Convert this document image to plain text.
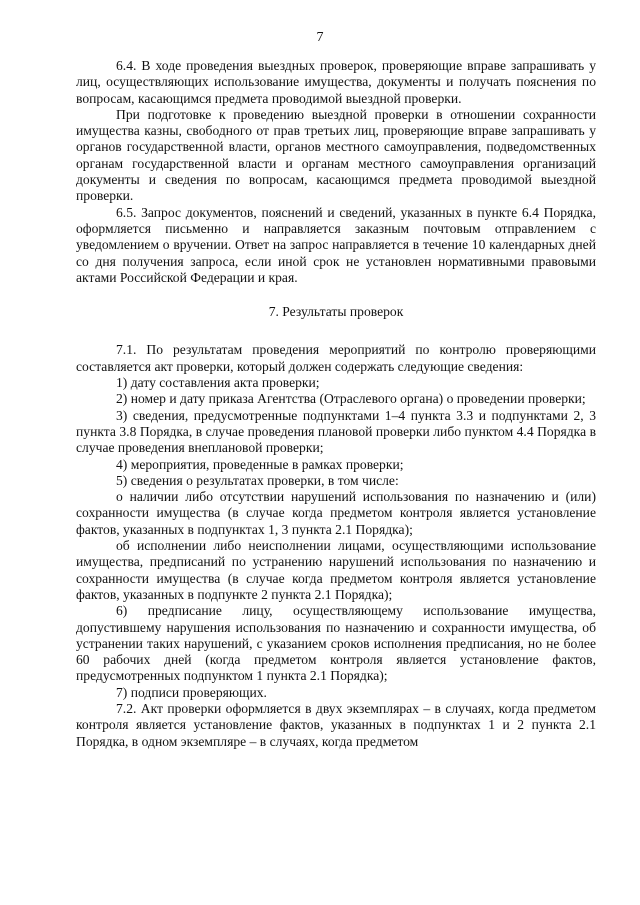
7

6.4. В ходе проведения выездных проверок, проверяющие вправе запрашивать у лиц, осуществляющих использование имущества, документы и получать пояснения по вопросам, касающимся предмета проводимой выездной проверки.

При подготовке к проведению выездной проверки в отношении сохранности имущества казны, свободного от прав третьих лиц, проверяющие вправе запрашивать у органов государственной власти, органов местного самоуправления, подведомственных органам государственной власти и органам местного самоуправления организаций документы и сведения по вопросам, касающимся предмета проводимой выездной проверки.

6.5. Запрос документов, пояснений и сведений, указанных в пункте 6.4 Порядка, оформляется письменно и направляется заказным почтовым отправлением с уведомлением о вручении. Ответ на запрос направляется в течение 10 календарных дней со дня получения запроса, если иной срок не установлен нормативными правовыми актами Российской Федерации и края.

7. Результаты проверок

7.1. По результатам проведения мероприятий по контролю проверяющими составляется акт проверки, который должен содержать следующие сведения:

1) дату составления акта проверки;

2) номер и дату приказа Агентства (Отраслевого органа) о проведении проверки;

3) сведения, предусмотренные подпунктами 1–4 пункта 3.3 и подпунктами 2, 3 пункта 3.8 Порядка, в случае проведения плановой проверки либо пунктом 4.4 Порядка в случае проведения внеплановой проверки;

4) мероприятия, проведенные в рамках проверки;

5) сведения о результатах проверки, в том числе:

о наличии либо отсутствии нарушений использования по назначению и (или) сохранности имущества (в случае когда предметом контроля является установление фактов, указанных в подпунктах 1, 3 пункта 2.1 Порядка);

об исполнении либо неисполнении лицами, осуществляющими использование имущества, предписаний по устранению нарушений использования по назначению и сохранности имущества (в случае когда предметом контроля является установление фактов, указанных в подпункте 2 пункта 2.1 Порядка);

6) предписание лицу, осуществляющему использование имущества, допустившему нарушения использования по назначению и сохранности имущества, об устранении таких нарушений, с указанием сроков исполнения предписания, но не более 60 рабочих дней (когда предметом контроля является установление фактов, предусмотренных подпунктом 1 пункта 2.1 Порядка);

7) подписи проверяющих.

7.2. Акт проверки оформляется в двух экземплярах – в случаях, когда предметом контроля является установление фактов, указанных в подпунктах 1 и 2 пункта 2.1 Порядка, в одном экземпляре – в случаях, когда предметом
